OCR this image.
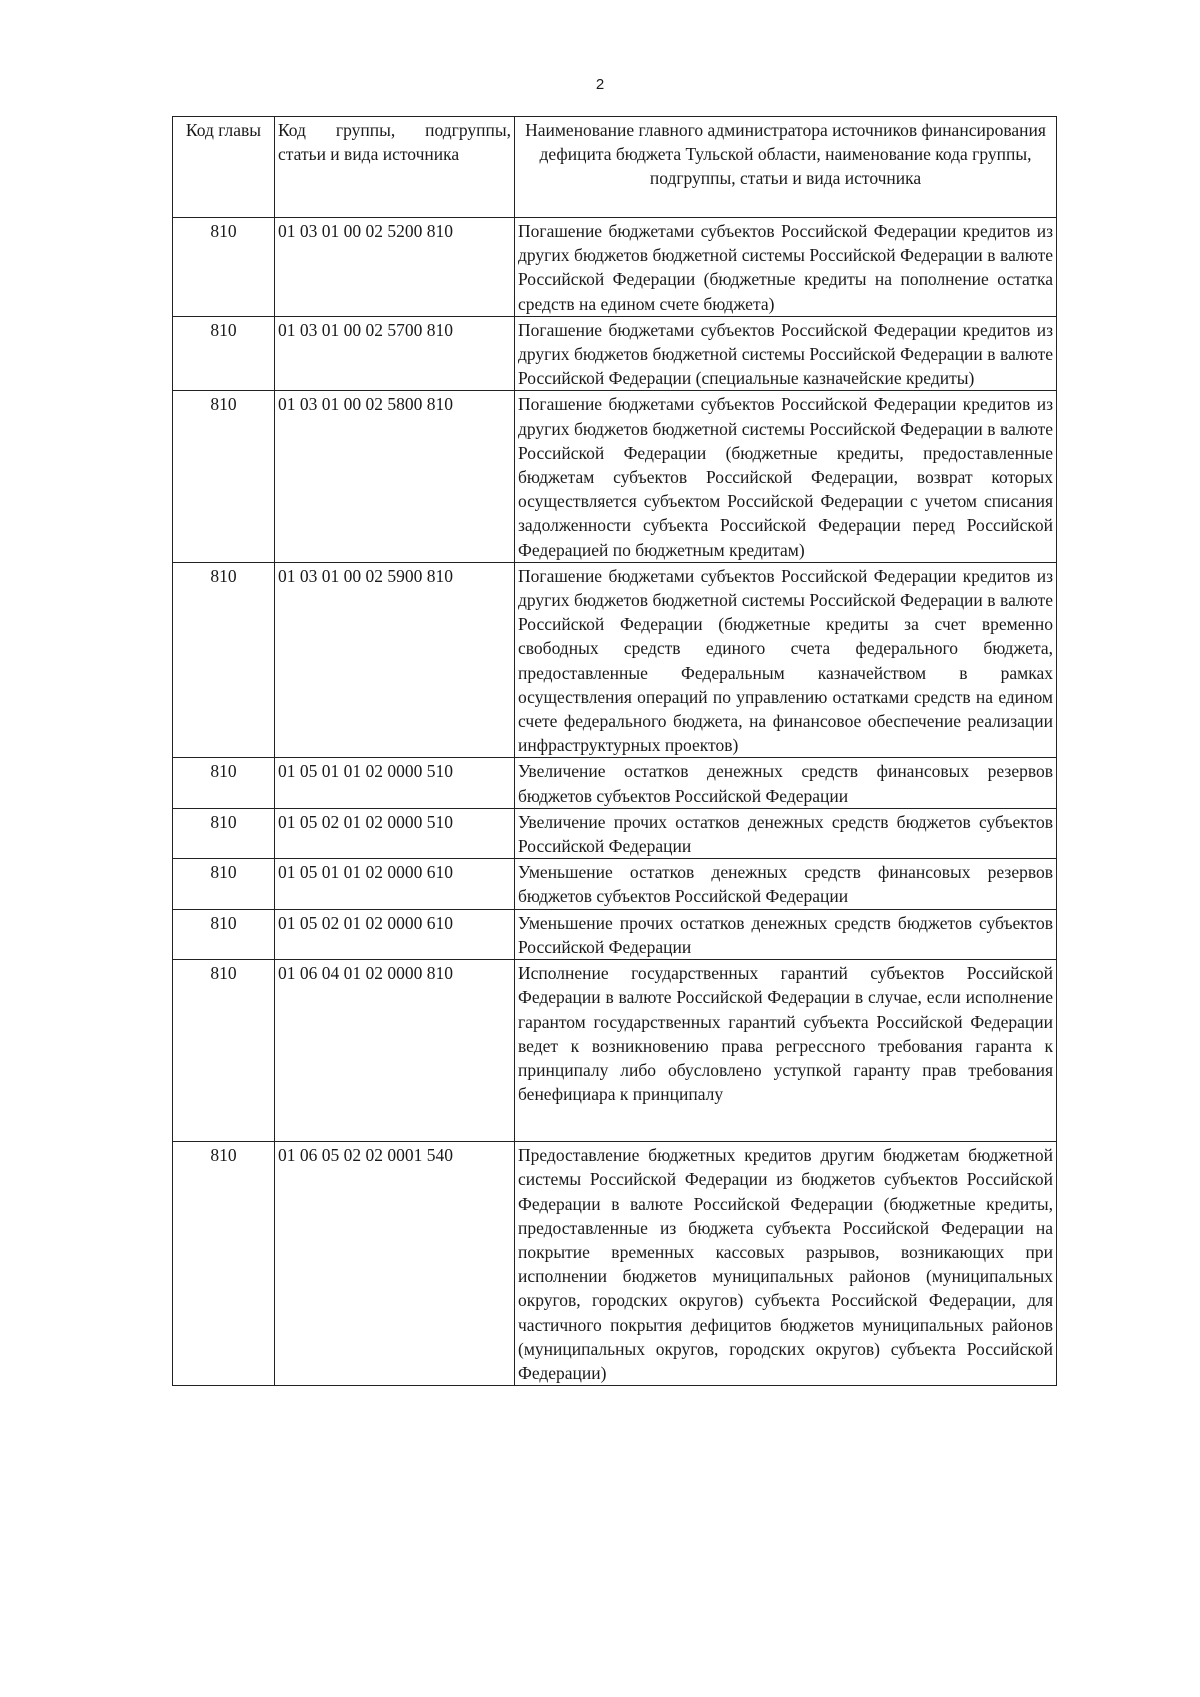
2
Код главы	Код группы, подгруппы, статьи и вида источника	Наименование главного администратора источников финансирования дефицита бюджета Тульской области, наименование кода группы, подгруппы, статьи и вида источника
810	01 03 01 00 02 5200 810	Погашение бюджетами субъектов Российской Федерации кредитов из других бюджетов бюджетной системы Российской Федерации в валюте Российской Федерации (бюджетные кредиты на пополнение остатка средств на едином счете бюджета)
810	01 03 01 00 02 5700 810	Погашение бюджетами субъектов Российской Федерации кредитов из других бюджетов бюджетной системы Российской Федерации в валюте Российской Федерации (специальные казначейские кредиты)
810	01 03 01 00 02 5800 810	Погашение бюджетами субъектов Российской Федерации кредитов из других бюджетов бюджетной системы Российской Федерации в валюте Российской Федерации (бюджетные кредиты, предоставленные бюджетам субъектов Российской Федерации, возврат которых осуществляется субъектом Российской Федерации с учетом списания задолженности субъекта Российской Федерации перед Российской Федерацией по бюджетным кредитам)
810	01 03 01 00 02 5900 810	Погашение бюджетами субъектов Российской Федерации кредитов из других бюджетов бюджетной системы Российской Федерации в валюте Российской Федерации (бюджетные кредиты за счет временно свободных средств единого счета федерального бюджета, предоставленные Федеральным казначейством в рамках осуществления операций по управлению остатками средств на едином счете федерального бюджета, на финансовое обеспечение реализации инфраструктурных проектов)
810	01 05 01 01 02 0000 510	Увеличение остатков денежных средств финансовых резервов бюджетов субъектов Российской Федерации
810	01 05 02 01 02 0000 510	Увеличение прочих остатков денежных средств бюджетов субъектов Российской Федерации
810	01 05 01 01 02 0000 610	Уменьшение остатков денежных средств финансовых резервов бюджетов субъектов Российской Федерации
810	01 05 02 01 02 0000 610	Уменьшение прочих остатков денежных средств бюджетов субъектов Российской Федерации
810	01 06 04 01 02 0000 810	Исполнение государственных гарантий субъектов Российской Федерации в валюте Российской Федерации в случае, если исполнение гарантом государственных гарантий субъекта Российской Федерации ведет к возникновению права регрессного требования гаранта к принципалу либо обусловлено уступкой гаранту прав требования бенефициара к принципалу
810	01 06 05 02 02 0001 540	Предоставление бюджетных кредитов другим бюджетам бюджетной системы Российской Федерации из бюджетов субъектов Российской Федерации в валюте Российской Федерации (бюджетные кредиты, предоставленные из бюджета субъекта Российской Федерации на покрытие временных кассовых разрывов, возникающих при исполнении бюджетов муниципальных районов (муниципальных округов, городских округов) субъекта Российской Федерации, для частичного покрытия дефицитов бюджетов муниципальных районов (муниципальных округов, городских округов) субъекта Российской Федерации)
